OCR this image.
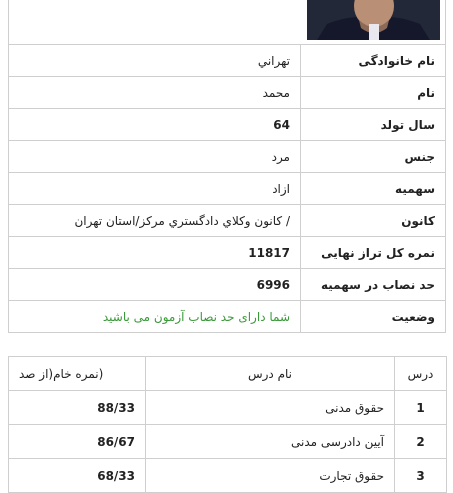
نام خانوادگی	تهراني
نام	محمد
سال تولد	64
جنس	مرد
سهمیه	ازاد
کانون	/ کانون وکلاي دادگستري مرکز/استان تهران
نمره کل تراز نهایی	11817
حد نصاب در سهمیه	6996
وضعیت	شما دارای حد نصاب آزمون می باشید
درس	نام درس	(نمره خام(از صد
1	حقوق مدنی	88/33
2	آیین دادرسی مدنی	86/67
3	حقوق تجارت	68/33
